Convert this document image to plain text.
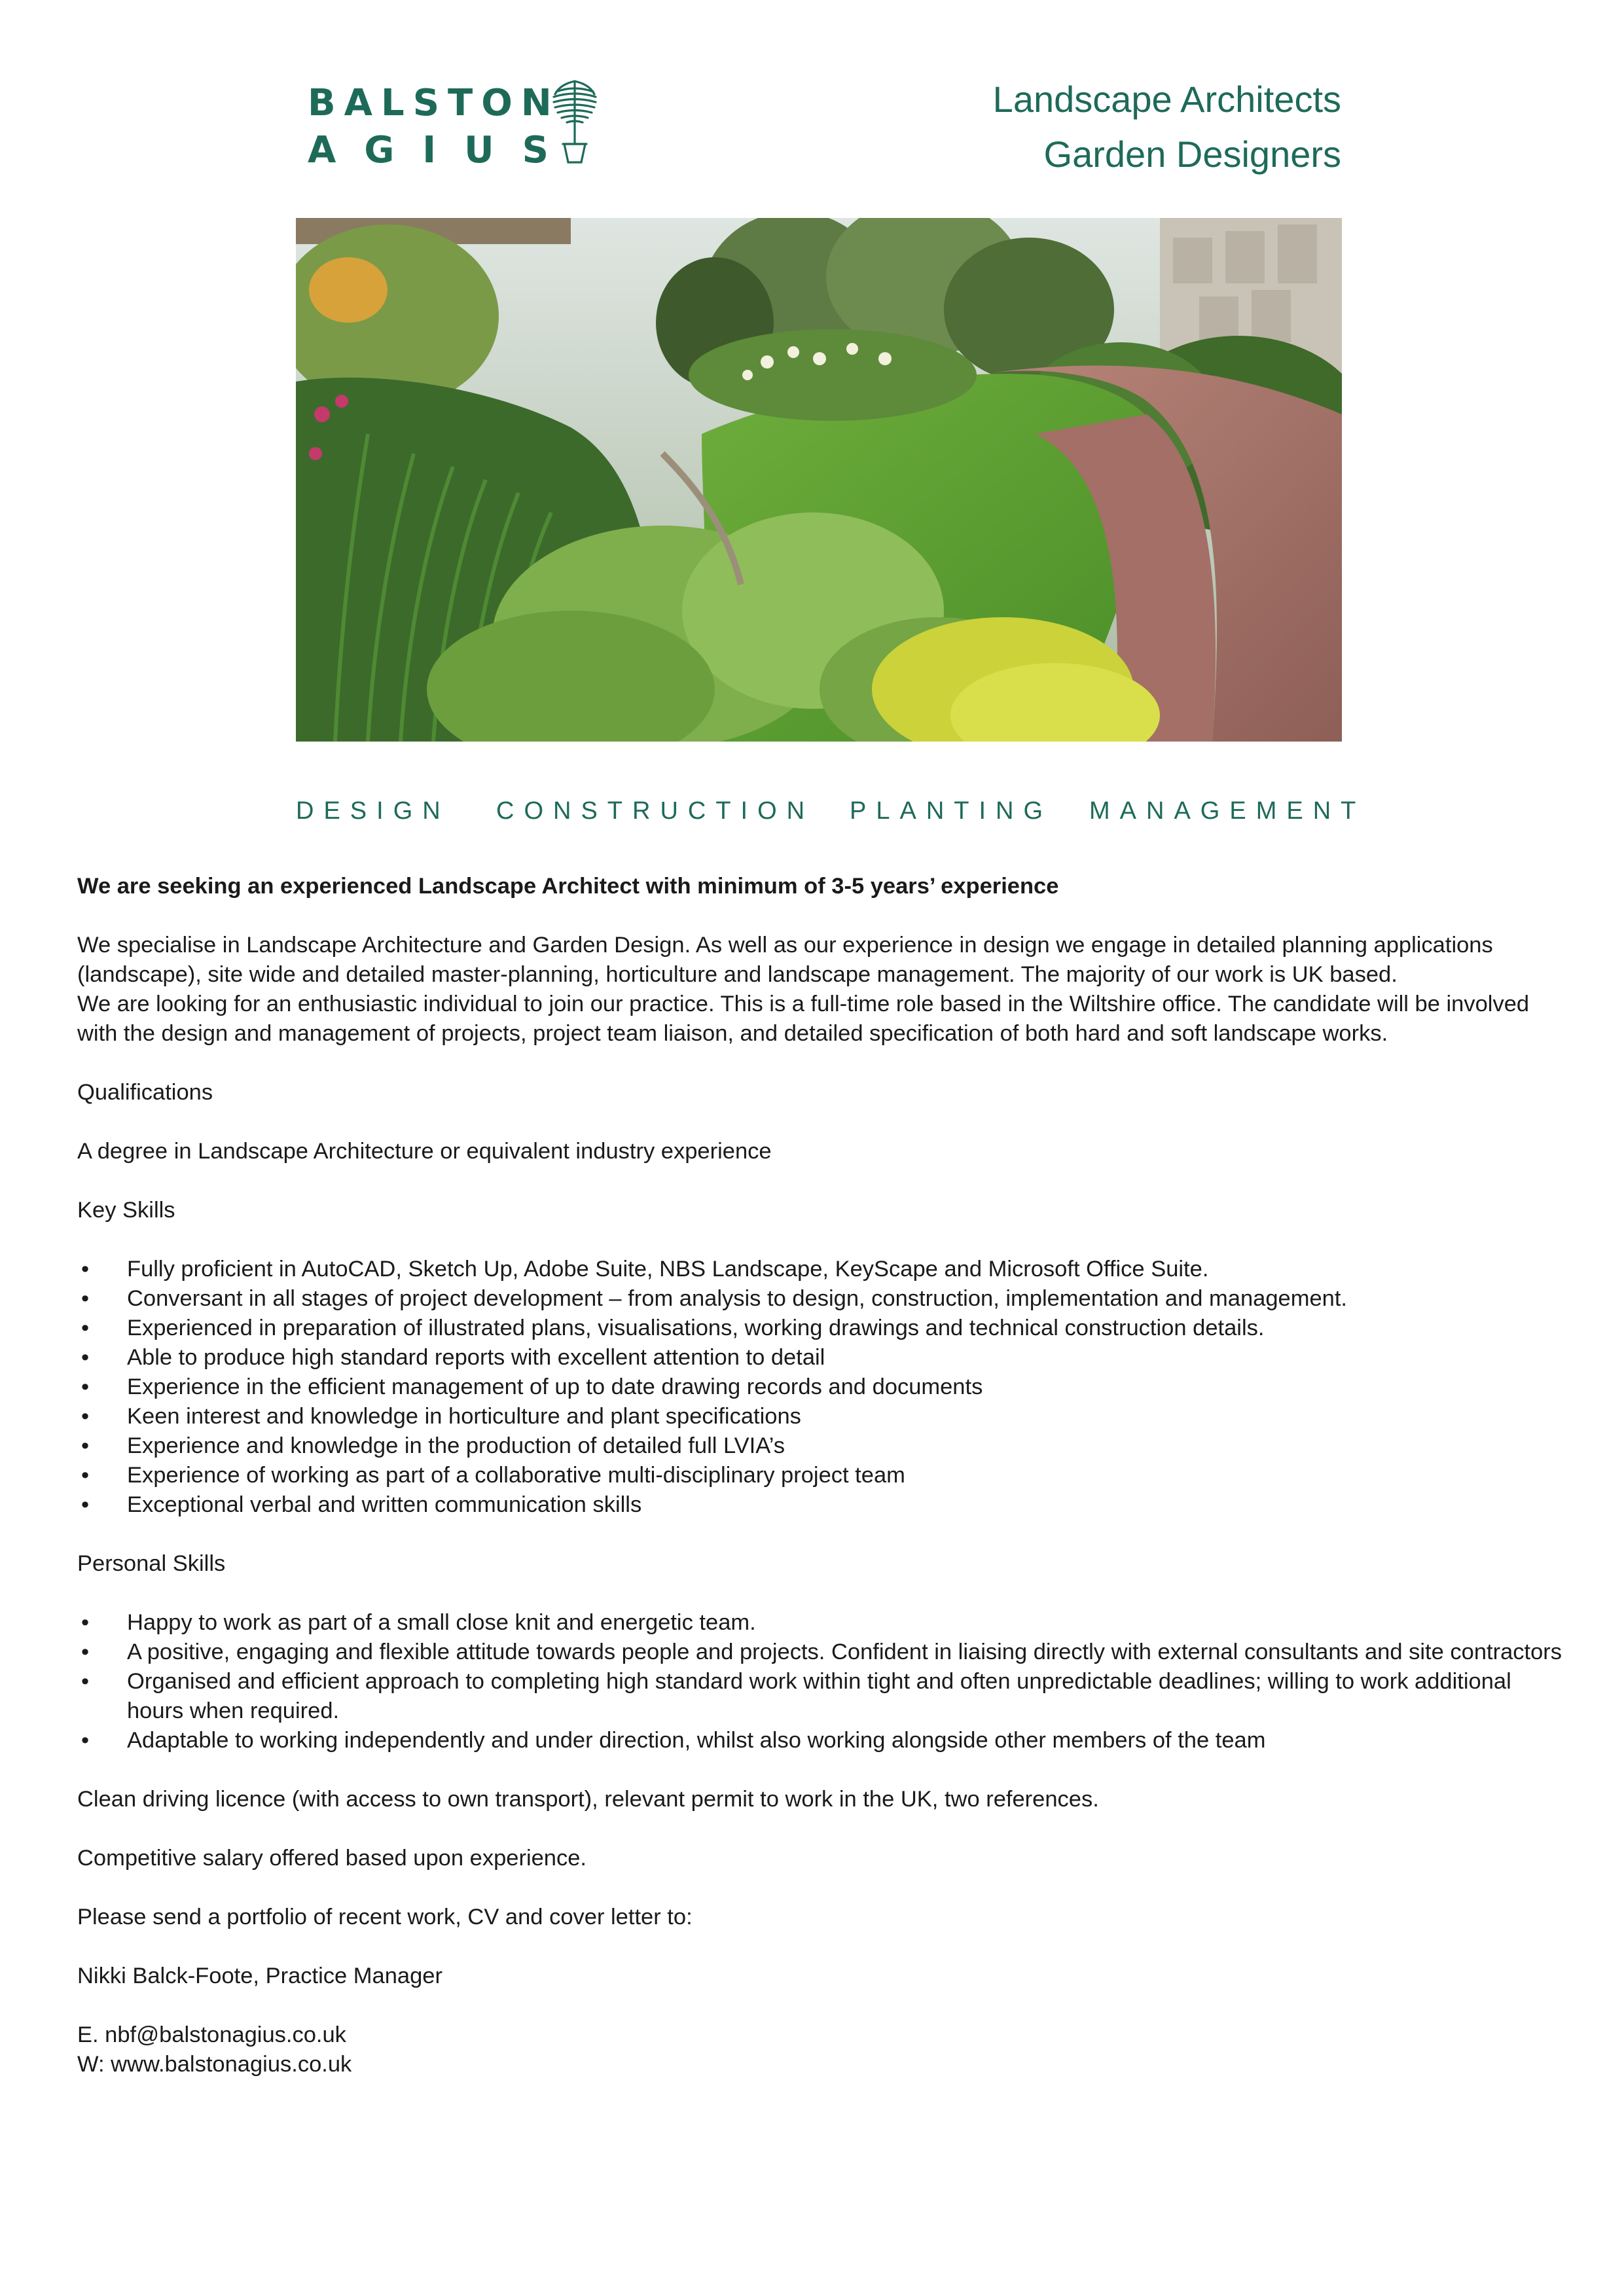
BALSTON
AGIUS
Landscape Architects
Garden Designers
DESIGN CONSTRUCTION PLANTING MANAGEMENT

We are seeking an experienced Landscape Architect with minimum of 3-5 years’ experience

We specialise in Landscape Architecture and Garden Design. As well as our experience in design we engage in detailed planning applications (landscape), site wide and detailed master-planning, horticulture and landscape management. The majority of our work is UK based.

We are looking for an enthusiastic individual to join our practice. This is a full-time role based in the Wiltshire office. The candidate will be involved with the design and management of projects, project team liaison, and detailed specification of both hard and soft landscape works.

Qualifications

A degree in Landscape Architecture or equivalent industry experience

Key Skills

• Fully proficient in AutoCAD, Sketch Up, Adobe Suite, NBS Landscape, KeyScape and Microsoft Office Suite.
• Conversant in all stages of project development – from analysis to design, construction, implementation and management.
• Experienced in preparation of illustrated plans, visualisations, working drawings and technical construction details.
• Able to produce high standard reports with excellent attention to detail
• Experience in the efficient management of up to date drawing records and documents
• Keen interest and knowledge in horticulture and plant specifications
• Experience and knowledge in the production of detailed full LVIA’s
• Experience of working as part of a collaborative multi-disciplinary project team
• Exceptional verbal and written communication skills

Personal Skills

• Happy to work as part of a small close knit and energetic team.
• A positive, engaging and flexible attitude towards people and projects. Confident in liaising directly with external consultants and site contractors
• Organised and efficient approach to completing high standard work within tight and often unpredictable deadlines; willing to work additional hours when required.
• Adaptable to working independently and under direction, whilst also working alongside other members of the team

Clean driving licence (with access to own transport), relevant permit to work in the UK, two references.

Competitive salary offered based upon experience.

Please send a portfolio of recent work, CV and cover letter to:

Nikki Balck-Foote, Practice Manager

E. nbf@balstonagius.co.uk

W: www.balstonagius.co.uk
